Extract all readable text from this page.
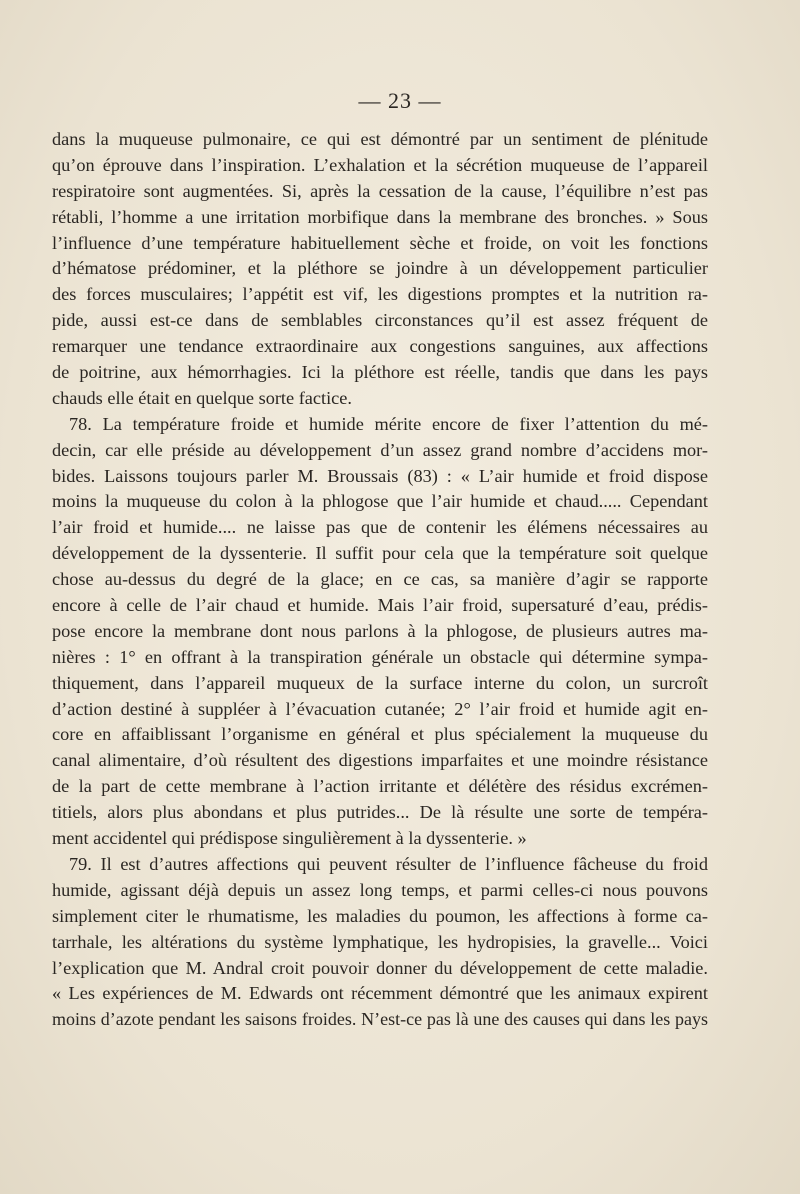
— 23 —
dans la muqueuse pulmonaire, ce qui est démontré par un sentiment de plénitude
qu’on éprouve dans l’inspiration. L’exhalation et la sécrétion muqueuse de l’appareil
respiratoire sont augmentées. Si, après la cessation de la cause, l’équilibre n’est pas
rétabli, l’homme a une irritation morbifique dans la membrane des bronches. » Sous
l’influence d’une température habituellement sèche et froide, on voit les fonctions
d’hématose prédominer, et la pléthore se joindre à un développement particulier
des forces musculaires; l’appétit est vif, les digestions promptes et la nutrition ra-
pide, aussi est-ce dans de semblables circonstances qu’il est assez fréquent de
remarquer une tendance extraordinaire aux congestions sanguines, aux affections
de poitrine, aux hémorrhagies. Ici la pléthore est réelle, tandis que dans les pays
chauds elle était en quelque sorte factice.
78. La température froide et humide mérite encore de fixer l’attention du mé-
decin, car elle préside au développement d’un assez grand nombre d’accidens mor-
bides. Laissons toujours parler M. Broussais (83) : « L’air humide et froid dispose
moins la muqueuse du colon à la phlogose que l’air humide et chaud..... Cependant
l’air froid et humide.... ne laisse pas que de contenir les élémens nécessaires au
développement de la dyssenterie. Il suffit pour cela que la température soit quelque
chose au-dessus du degré de la glace; en ce cas, sa manière d’agir se rapporte
encore à celle de l’air chaud et humide. Mais l’air froid, supersaturé d’eau, prédis-
pose encore la membrane dont nous parlons à la phlogose, de plusieurs autres ma-
nières : 1° en offrant à la transpiration générale un obstacle qui détermine sympa-
thiquement, dans l’appareil muqueux de la surface interne du colon, un surcroît
d’action destiné à suppléer à l’évacuation cutanée; 2° l’air froid et humide agit en-
core en affaiblissant l’organisme en général et plus spécialement la muqueuse du
canal alimentaire, d’où résultent des digestions imparfaites et une moindre résistance
de la part de cette membrane à l’action irritante et délétère des résidus excrémen-
titiels, alors plus abondans et plus putrides... De là résulte une sorte de tempéra-
ment accidentel qui prédispose singulièrement à la dyssenterie. »
79. Il est d’autres affections qui peuvent résulter de l’influence fâcheuse du froid
humide, agissant déjà depuis un assez long temps, et parmi celles-ci nous pouvons
simplement citer le rhumatisme, les maladies du poumon, les affections à forme ca-
tarrhale, les altérations du système lymphatique, les hydropisies, la gravelle... Voici
l’explication que M. Andral croit pouvoir donner du développement de cette maladie.
« Les expériences de M. Edwards ont récemment démontré que les animaux expirent
moins d’azote pendant les saisons froides. N’est-ce pas là une des causes qui dans les pays
